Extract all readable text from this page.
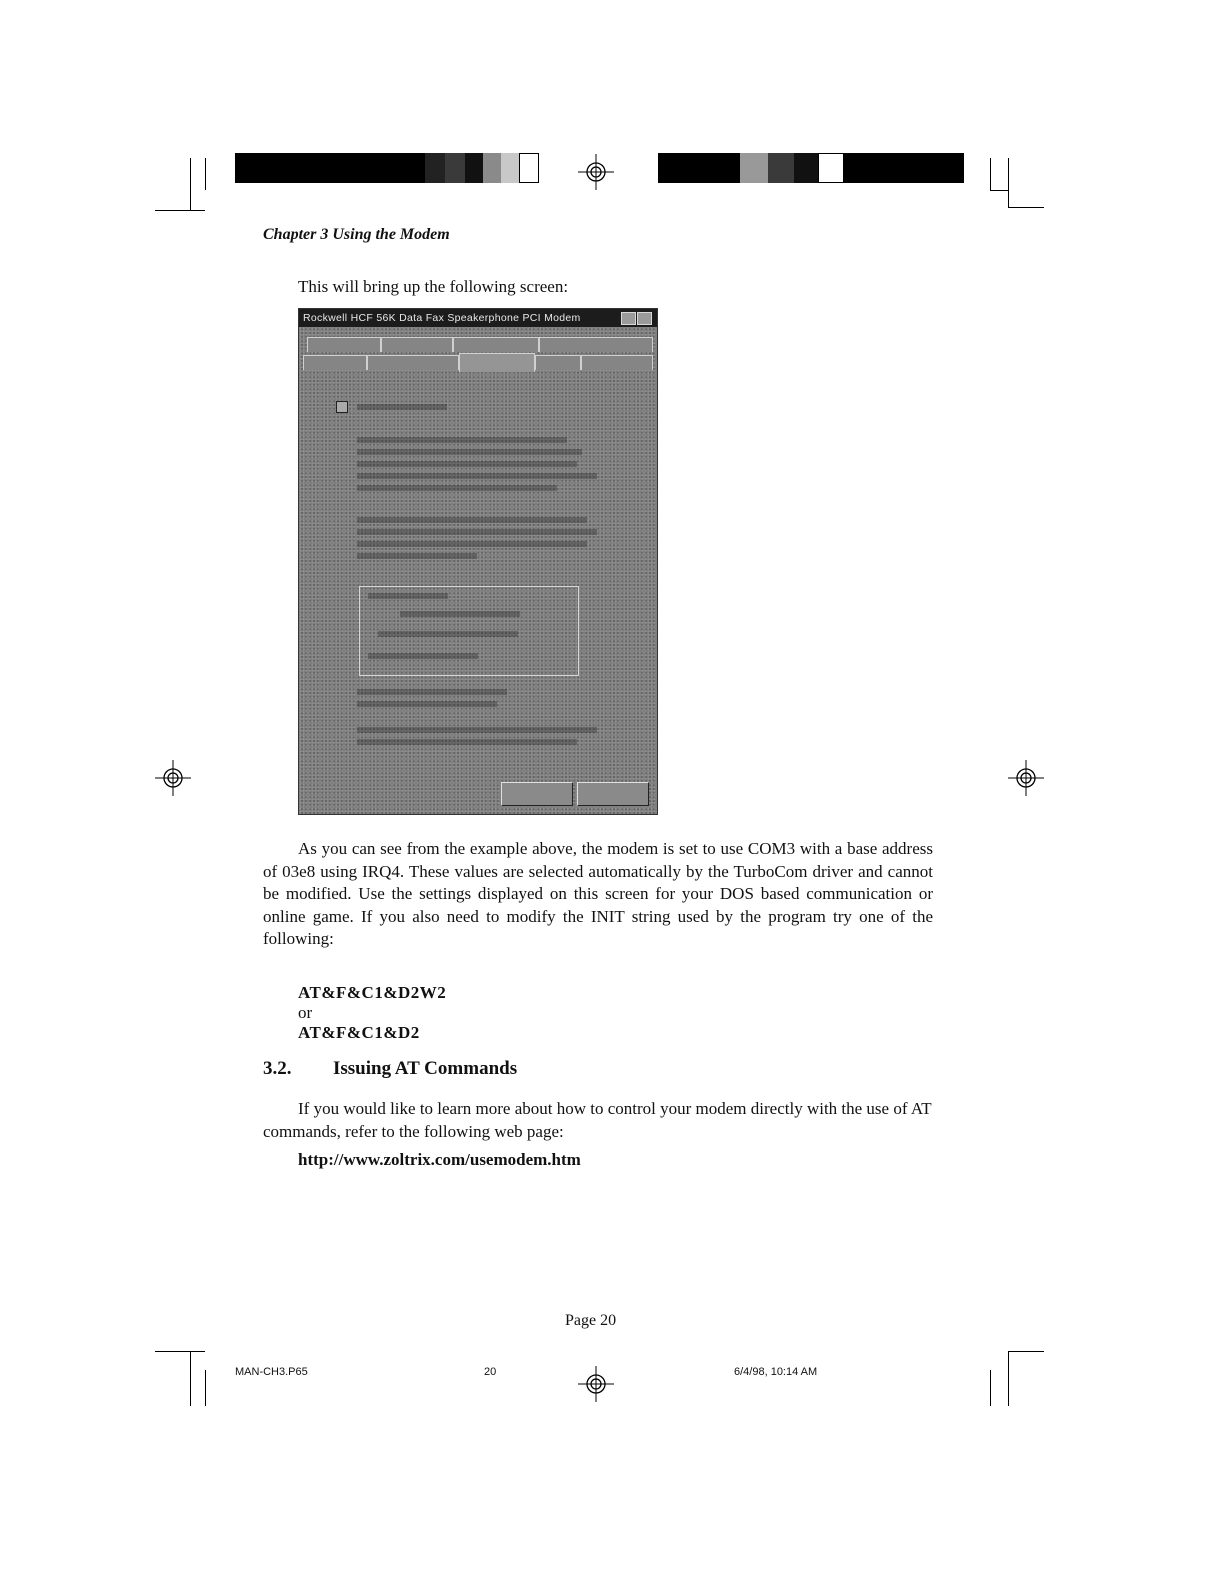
Chapter 3 Using the Modem
This will bring up the following screen:
Rockwell HCF 56K Data Fax Speakerphone PCI Modem
As you can see from the example above, the modem is set to use COM3 with a base address of 03e8 using IRQ4. These values are selected automatically by the TurboCom driver and cannot be modified. Use the settings displayed on this screen for your DOS based communication or online game. If you also need to modify the INIT string used by the program try one of the following:
AT&F&C1&D2W2
or
AT&F&C1&D2
3.2. Issuing AT Commands
If you would like to learn more about how to control your modem directly with the use of AT commands, refer to the following web page:
http://www.zoltrix.com/usemodem.htm
Page 20
MAN-CH3.P65	20	6/4/98, 10:14 AM
